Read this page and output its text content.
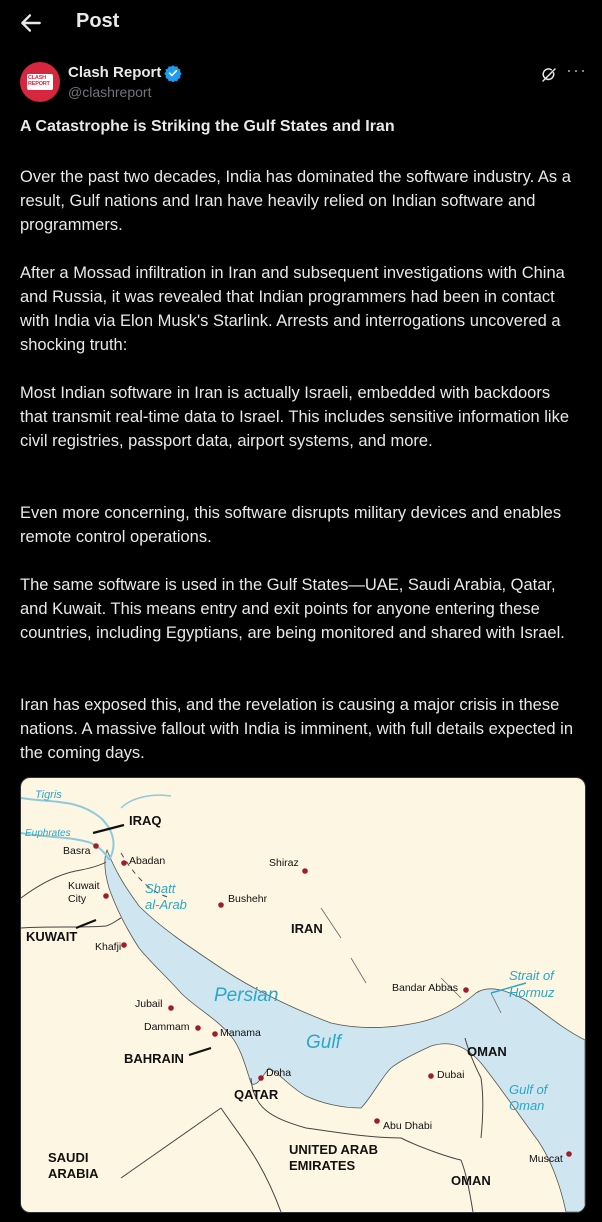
Post
CLASH
REPORT
Clash Report
@clashreport
···
A Catastrophe is Striking the Gulf States and Iran

Over the past two decades, India has dominated the software industry. As a result, Gulf nations and Iran have heavily relied on Indian software and programmers.

After a Mossad infiltration in Iran and subsequent investigations with China and Russia, it was revealed that Indian programmers had been in contact with India via Elon Musk's Starlink. Arrests and interrogations uncovered a shocking truth:

Most Indian software in Iran is actually Israeli, embedded with backdoors that transmit real-time data to Israel. This includes sensitive information like civil registries, passport data, airport systems, and more.

Even more concerning, this software disrupts military devices and enables remote control operations.

The same software is used in the Gulf States—UAE, Saudi Arabia, Qatar, and Kuwait. This means entry and exit points for anyone entering these countries, including Egyptians, are being monitored and shared with Israel.

Iran has exposed this, and the revelation is causing a major crisis in these nations. A massive fallout with India is imminent, with full details expected in the coming days.

Tigris
Euphrates
Shatt
al-Arab
Persian
Gulf
Strait of
Hormuz
Gulf of
Oman
IRAQ
KUWAIT
IRAN
BAHRAIN
QATAR
SAUDI
ARABIA
UNITED ARAB
EMIRATES
OMAN
OMAN
Basra
Abadan	Shiraz
Kuwait
City	Bushehr
Khafji
Bandar Abbas
Jubail
Dammam	Manama
Doha	Dubai
Abu Dhabi
Muscat
